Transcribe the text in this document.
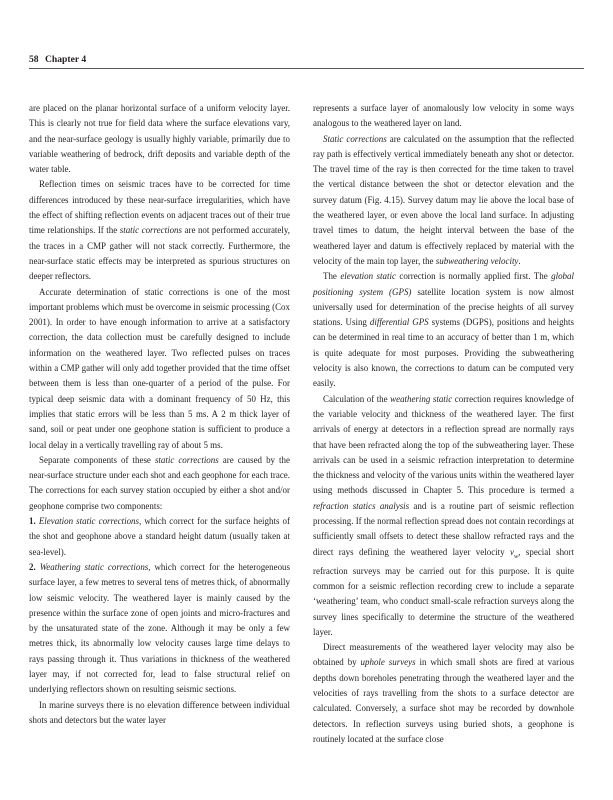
58 Chapter 4

are placed on the planar horizontal surface of a uniform velocity layer. This is clearly not true for field data where the surface elevations vary, and the near-surface geology is usually highly variable, primarily due to variable weathering of bedrock, drift deposits and variable depth of the water table.

Reflection times on seismic traces have to be corrected for time differences introduced by these near-surface irregularities, which have the effect of shifting reflection events on adjacent traces out of their true time relationships. If the static corrections are not performed accurately, the traces in a CMP gather will not stack correctly. Furthermore, the near-surface static effects may be interpreted as spurious structures on deeper reflectors.

Accurate determination of static corrections is one of the most important problems which must be overcome in seismic processing (Cox 2001). In order to have enough information to arrive at a satisfactory correction, the data collection must be carefully designed to include information on the weathered layer. Two reflected pulses on traces within a CMP gather will only add together provided that the time offset between them is less than one-quarter of a period of the pulse. For typical deep seismic data with a dominant frequency of 50 Hz, this implies that static errors will be less than 5 ms. A 2 m thick layer of sand, soil or peat under one geophone station is sufficient to produce a local delay in a vertically travelling ray of about 5 ms.

Separate components of these static corrections are caused by the near-surface structure under each shot and each geophone for each trace. The corrections for each survey station occupied by either a shot and/or geophone comprise two components:

1. Elevation static corrections, which correct for the surface heights of the shot and geophone above a standard height datum (usually taken at sea-level).

2. Weathering static corrections, which correct for the heterogeneous surface layer, a few metres to several tens of metres thick, of abnormally low seismic velocity. The weathered layer is mainly caused by the presence within the surface zone of open joints and micro-fractures and by the unsaturated state of the zone. Although it may be only a few metres thick, its abnormally low velocity causes large time delays to rays passing through it. Thus variations in thickness of the weathered layer may, if not corrected for, lead to false structural relief on underlying reflectors shown on resulting seismic sections.

In marine surveys there is no elevation difference between individual shots and detectors but the water layer

represents a surface layer of anomalously low velocity in some ways analogous to the weathered layer on land.

Static corrections are calculated on the assumption that the reflected ray path is effectively vertical immediately beneath any shot or detector. The travel time of the ray is then corrected for the time taken to travel the vertical distance between the shot or detector elevation and the survey datum (Fig. 4.15). Survey datum may lie above the local base of the weathered layer, or even above the local land surface. In adjusting travel times to datum, the height interval between the base of the weathered layer and datum is effectively replaced by material with the velocity of the main top layer, the subweathering velocity.

The elevation static correction is normally applied first. The global positioning system (GPS) satellite location system is now almost universally used for determination of the precise heights of all survey stations. Using differential GPS systems (DGPS), positions and heights can be determined in real time to an accuracy of better than 1 m, which is quite adequate for most purposes. Providing the subweathering velocity is also known, the corrections to datum can be computed very easily.

Calculation of the weathering static correction requires knowledge of the variable velocity and thickness of the weathered layer. The first arrivals of energy at detectors in a reflection spread are normally rays that have been refracted along the top of the subweathering layer. These arrivals can be used in a seismic refraction interpretation to determine the thickness and velocity of the various units within the weathered layer using methods discussed in Chapter 5. This procedure is termed a refraction statics analysis and is a routine part of seismic reflection processing. If the normal reflection spread does not contain recordings at sufficiently small offsets to detect these shallow refracted rays and the direct rays defining the weathered layer velocity $v_w$, special short refraction surveys may be carried out for this purpose. It is quite common for a seismic reflection recording crew to include a separate ‘weathering’ team, who conduct small-scale refraction surveys along the survey lines specifically to determine the structure of the weathered layer.

Direct measurements of the weathered layer velocity may also be obtained by uphole surveys in which small shots are fired at various depths down boreholes penetrating through the weathered layer and the velocities of rays travelling from the shots to a surface detector are calculated. Conversely, a surface shot may be recorded by downhole detectors. In reflection surveys using buried shots, a geophone is routinely located at the surface close
